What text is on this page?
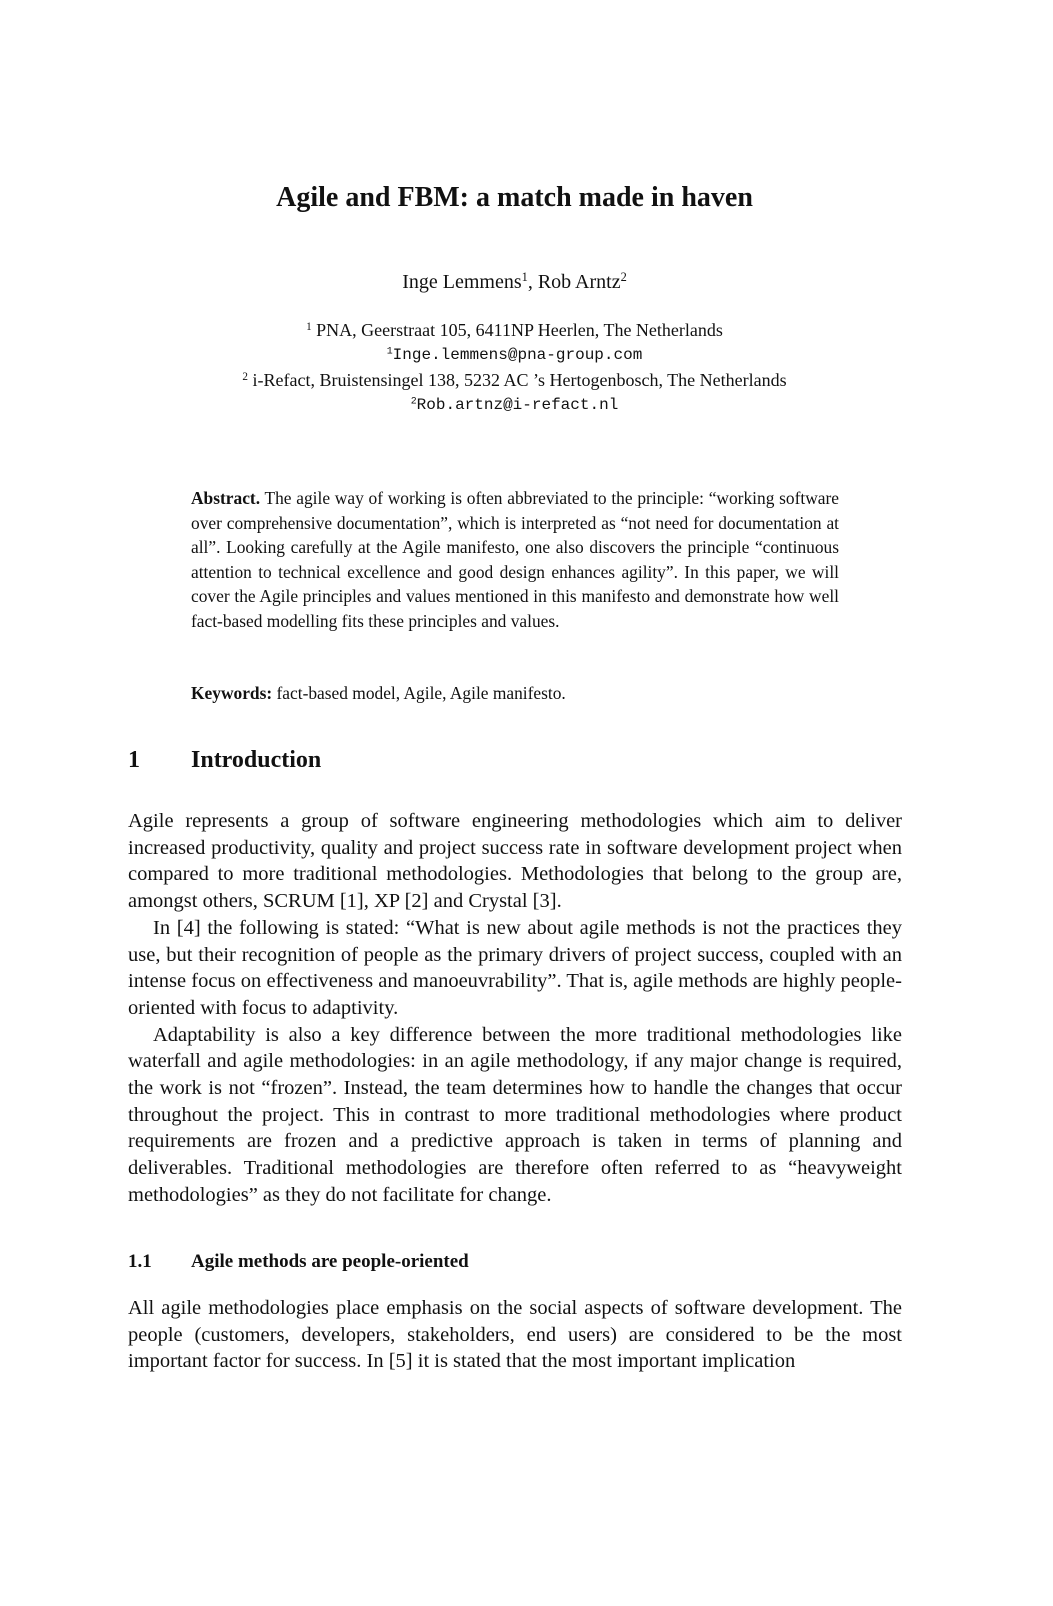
Agile and FBM: a match made in haven
Inge Lemmens$^1$, Rob Arntz$^2$
$^1$ PNA, Geerstraat 105, 6411NP Heerlen, The Netherlands
$^1$Inge.lemmens@pna-group.com
$^2$ i-Refact, Bruistensingel 138, 5232 AC ’s Hertogenbosch, The Netherlands
$^2$Rob.artnz@i-refact.nl

Abstract. The agile way of working is often abbreviated to the principle: “working software over comprehensive documentation”, which is interpreted as “not need for documentation at all”. Looking carefully at the Agile manifesto, one also discovers the principle “continuous attention to technical excellence and good design enhances agility”. In this paper, we will cover the Agile principles and values mentioned in this manifesto and demonstrate how well fact-based modelling fits these principles and values.

Keywords: fact-based model, Agile, Agile manifesto.

1 Introduction

Agile represents a group of software engineering methodologies which aim to deliver increased productivity, quality and project success rate in software development project when compared to more traditional methodologies. Methodologies that belong to the group are, amongst others, SCRUM [1], XP [2] and Crystal [3].

In [4] the following is stated: “What is new about agile methods is not the practices they use, but their recognition of people as the primary drivers of project success, coupled with an intense focus on effectiveness and manoeuvrability”. That is, agile methods are highly people-oriented with focus to adaptivity.

Adaptability is also a key difference between the more traditional methodologies like waterfall and agile methodologies: in an agile methodology, if any major change is required, the work is not “frozen”. Instead, the team determines how to handle the changes that occur throughout the project. This in contrast to more traditional methodologies where product requirements are frozen and a predictive approach is taken in terms of planning and deliverables. Traditional methodologies are therefore often referred to as “heavyweight methodologies” as they do not facilitate for change.

1.1 Agile methods are people-oriented

All agile methodologies place emphasis on the social aspects of software development. The people (customers, developers, stakeholders, end users) are considered to be the most important factor for success. In [5] it is stated that the most important implication
